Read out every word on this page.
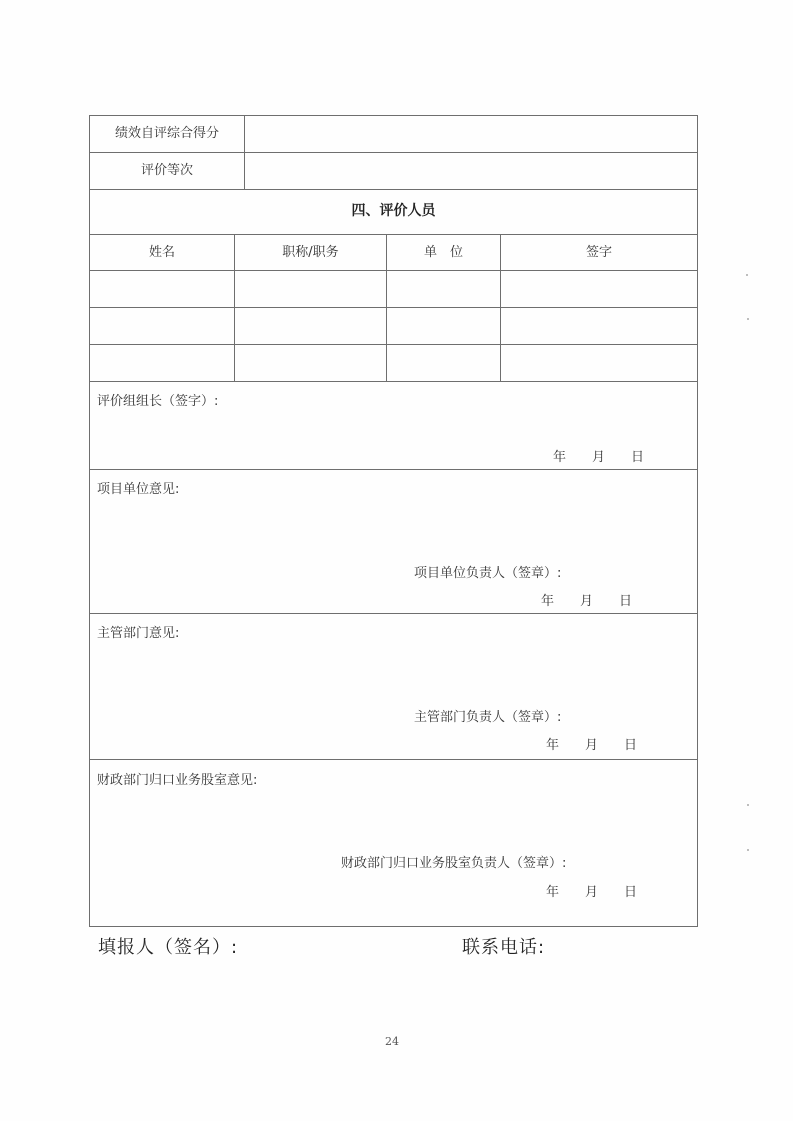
绩效自评综合得分
评价等次
四、评价人员
姓名	职称/职务	单　位	签字
评价组组长（签字）:
年　　月　　日
项目单位意见:
项目单位负责人（签章）:
年　　月　　日
主管部门意见:
主管部门负责人（签章）:
年　　月　　日
财政部门归口业务股室意见:
财政部门归口业务股室负责人（签章）:
年　　月　　日
填报人（签名）:	联系电话:
24
